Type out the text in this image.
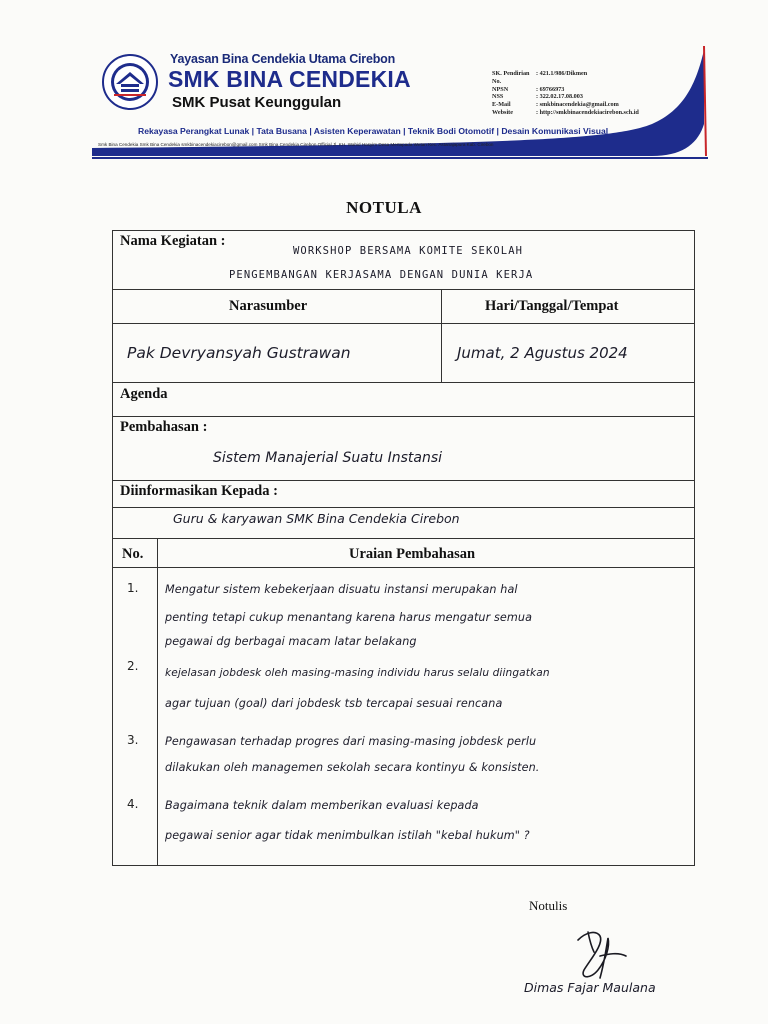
Yayasan Bina Cendekia Utama Cirebon
SMK BINA CENDEKIA
SMK Pusat Keunggulan
SK. Pendirian No.
: 421.1/986/Dikmen
NPSN	: 69766973
NSS	: 322.02.17.08.003
E-Mail	: smkbinacendekia@gmail.com
Website	: http://smkbinacendekiacirebon.sch.id
Rekayasa Perangkat Lunak | Tata Busana | Asisten Keperawatan | Teknik Bodi Otomotif | Desain Komunikasi Visual
Smk Bina Cendekia Smk Bina Cendekia smkbinacendekiacirebon@gmail.com Smk Bina Cendekia Cirebon Official Jl. KH. Wahid Hasyim Desa Mertapada Wetan Kec. Astanajapura Kab. Cirebon
NOTULA
Nama Kegiatan :
WORKSHOP BERSAMA KOMITE SEKOLAH
PENGEMBANGAN KERJASAMA DENGAN DUNIA KERJA
Narasumber	Hari/Tanggal/Tempat
Pak Devryansyah Gustrawan	Jumat, 2 Agustus 2024
Agenda
Pembahasan :
Sistem Manajerial Suatu Instansi
Diinformasikan Kepada :
Guru & karyawan SMK Bina Cendekia Cirebon
No.	Uraian Pembahasan
1. Mengatur sistem kebekerjaan disuatu instansi merupakan hal
penting tetapi cukup menantang karena harus mengatur semua
pegawai dg berbagai macam latar belakang
2.	kejelasan jobdesk oleh masing-masing individu harus selalu diingatkan
agar tujuan (goal) dari jobdesk tsb tercapai sesuai rencana
3. Pengawasan terhadap progres dari masing-masing jobdesk perlu
dilakukan oleh managemen sekolah secara kontinyu & konsisten.
4. Bagaimana teknik dalam memberikan evaluasi kepada
pegawai senior agar tidak menimbulkan istilah "kebal hukum" ?
Notulis
Dimas Fajar Maulana
